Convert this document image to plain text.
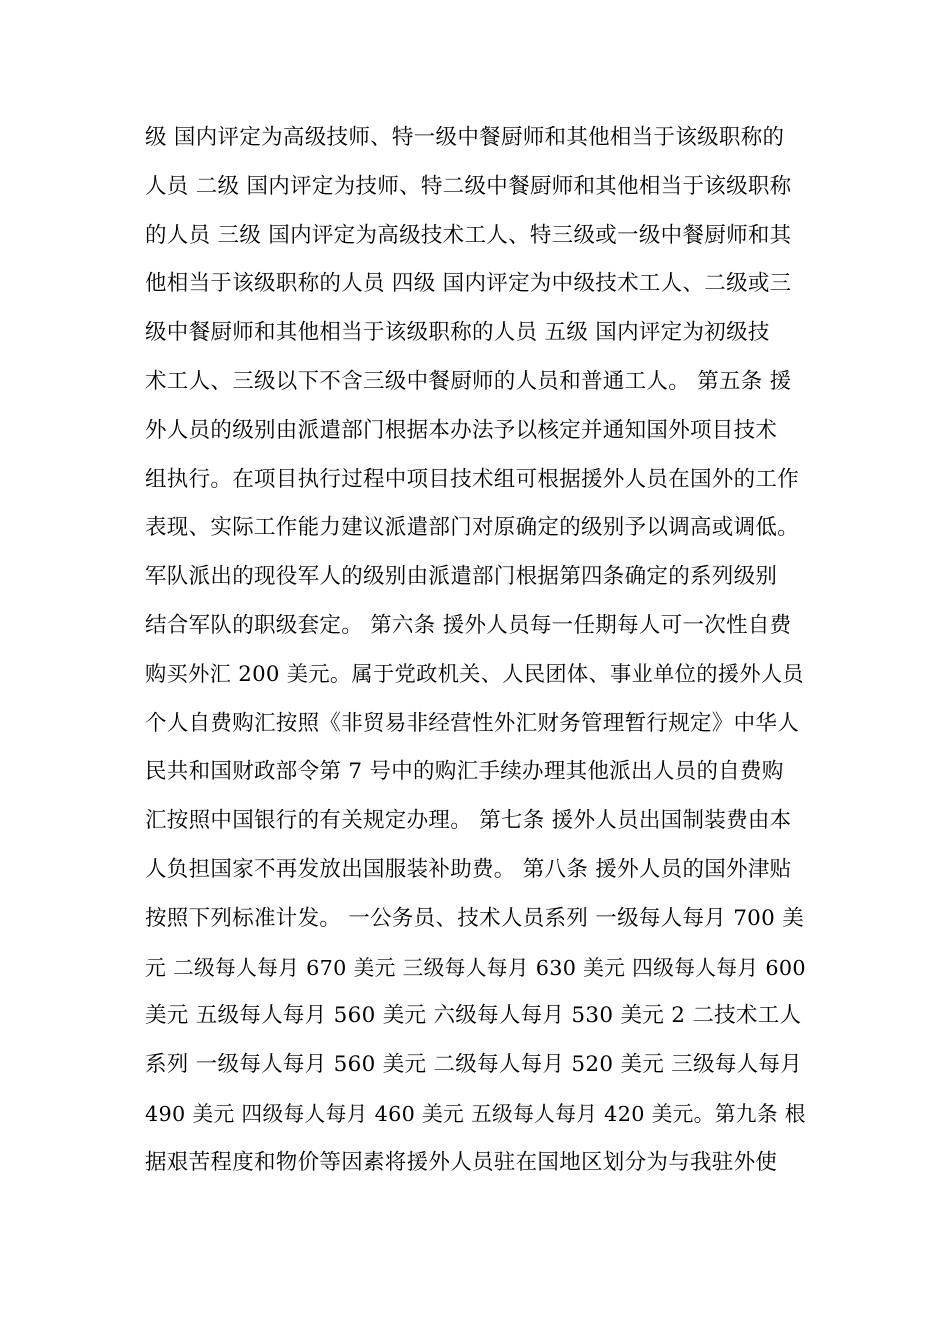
级 国内评定为高级技师、特一级中餐厨师和其他相当于该级职称的
人员 二级 国内评定为技师、特二级中餐厨师和其他相当于该级职称
的人员 三级 国内评定为高级技术工人、特三级或一级中餐厨师和其
他相当于该级职称的人员 四级 国内评定为中级技术工人、二级或三
级中餐厨师和其他相当于该级职称的人员 五级 国内评定为初级技
术工人、三级以下不含三级中餐厨师的人员和普通工人。 第五条 援
外人员的级别由派遣部门根据本办法予以核定并通知国外项目技术
组执行。在项目执行过程中项目技术组可根据援外人员在国外的工作
表现、实际工作能力建议派遣部门对原确定的级别予以调高或调低。
军队派出的现役军人的级别由派遣部门根据第四条确定的系列级别
结合军队的职级套定。 第六条 援外人员每一任期每人可一次性自费
购买外汇 200 美元。属于党政机关、人民团体、事业单位的援外人员
个人自费购汇按照《非贸易非经营性外汇财务管理暂行规定》中华人
民共和国财政部令第 7 号中的购汇手续办理其他派出人员的自费购
汇按照中国银行的有关规定办理。 第七条 援外人员出国制装费由本
人负担国家不再发放出国服装补助费。 第八条 援外人员的国外津贴
按照下列标准计发。 一公务员、技术人员系列 一级每人每月 700 美
元 二级每人每月 670 美元 三级每人每月 630 美元 四级每人每月 600
美元 五级每人每月 560 美元 六级每人每月 530 美元 2 二技术工人
系列 一级每人每月 560 美元 二级每人每月 520 美元 三级每人每月
490 美元 四级每人每月 460 美元 五级每人每月 420 美元。第九条 根
据艰苦程度和物价等因素将援外人员驻在国地区划分为与我驻外使
